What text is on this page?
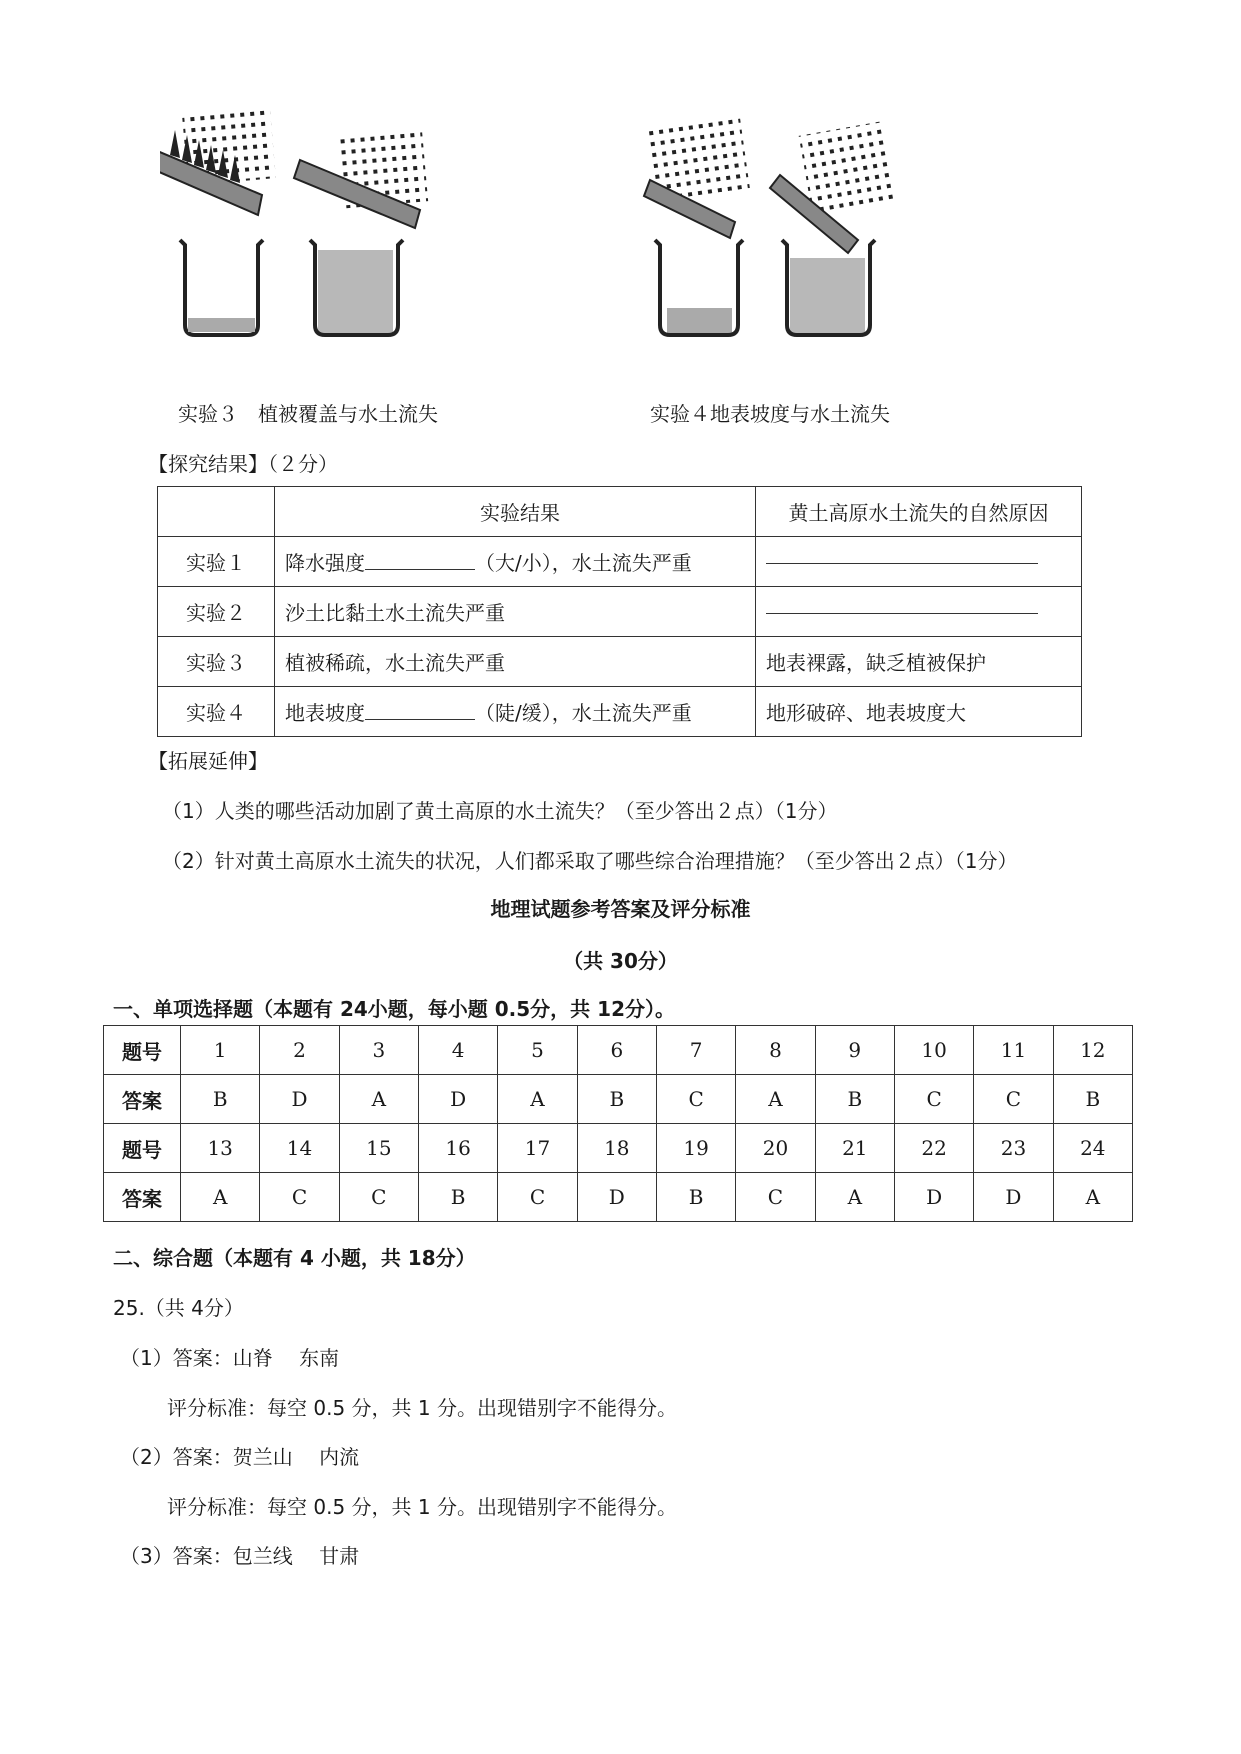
实验３　植被覆盖与水土流失	实验４地表坡度与水土流失
【探究结果】（２分）
	实验结果	黄土高原水土流失的自然原因
实验１	降水强度 （大/小），水土流失严重	
实验２	沙土比黏土水土流失严重	
实验３	植被稀疏，水土流失严重	地表裸露，缺乏植被保护
实验４	地表坡度 （陡/缓），水土流失严重	地形破碎、地表坡度大
【拓展延伸】
（1）人类的哪些活动加剧了黄土高原的水土流失？（至少答出２点）（1分）
（2）针对黄土高原水土流失的状况，人们都采取了哪些综合治理措施？（至少答出２点）（1分）
地理试题参考答案及评分标准
（共 30分）
一、单项选择题（本题有 24小题，每小题 0.5分，共 12分）。
题号	1	2	3	4	5	6	7	8	9	10	11	12
答案	B	D	A	D	A	B	C	A	B	C	C	B
题号	13	14	15	16	17	18	19	20	21	22	23	24
答案	A	C	C	B	C	D	B	C	A	D	D	A
二、综合题（本题有 4 小题，共 18分）
25.（共 4分）
（1）答案：山脊　 东南
评分标准：每空 0.5 分，共 1 分。出现错别字不能得分。
（2）答案：贺兰山　 内流
评分标准：每空 0.5 分，共 1 分。出现错别字不能得分。
（3）答案：包兰线　 甘肃
